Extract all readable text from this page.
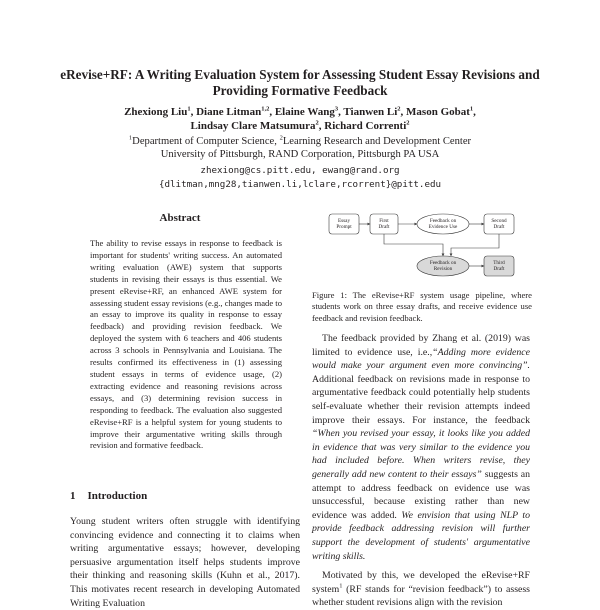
eRevise+RF: A Writing Evaluation System for Assessing Student Essay Revisions and Providing Formative Feedback
Zhexiong Liu$^1$, Diane Litman$^{1,2}$, Elaine Wang$^3$, Tianwen Li$^2$, Mason Gobat$^1$,
Lindsay Clare Matsumura$^2$, Richard Correnti$^2$
$^1$Department of Computer Science, $^2$Learning Research and Development Center
University of Pittsburgh, RAND Corporation, Pittsburgh PA USA
zhexiong@cs.pitt.edu, ewang@rand.org
{dlitman,mng28,tianwen.li,lclare,rcorrent}@pitt.edu
Abstract

The ability to revise essays in response to feedback is important for students' writing success. An automated writing evaluation (AWE) system that supports students in revising their essays is thus essential. We present eRevise+RF, an enhanced AWE system for assessing student essay revisions (e.g., changes made to an essay to improve its quality in response to essay feedback) and providing revision feedback. We deployed the system with 6 teachers and 406 students across 3 schools in Pennsylvania and Louisiana. The results confirmed its effectiveness in (1) assessing student essays in terms of evidence usage, (2) extracting evidence and reasoning revisions across essays, and (3) determining revision success in responding to feedback. The evaluation also suggested eRevise+RF is a helpful system for young students to improve their argumentative writing skills through revision and formative feedback.

1 Introduction

Young student writers often struggle with identifying convincing evidence and connecting it to claims when writing argumentative essays; however, developing persuasive argumentation itself helps students improve their thinking and reasoning skills (Kuhn et al., 2017). This motivates recent research in developing Automated Writing Evaluation

Essay Prompt
First Draft
Feedback on Evidence Use
Second Draft
Feedback on Revision
Third Draft

Figure 1: The eRevise+RF system usage pipeline, where students work on three essay drafts, and receive evidence use feedback and revision feedback.

The feedback provided by Zhang et al. (2019) was limited to evidence use, i.e.,“Adding more evidence would make your argument even more convincing”. Additional feedback on revisions made in response to argumentative feedback could potentially help students self-evaluate whether their revision attempts indeed improve their essays. For instance, the feedback “When you revised your essay, it looks like you added in evidence that was very similar to the evidence you had included before. When writers revise, they generally add new content to their essays” suggests an attempt to address feedback on evidence use was unsuccessful, because existing rather than new evidence was added. We envision that using NLP to provide feedback addressing revision will further support the development of students' argumentative writing skills.

Motivated by this, we developed the eRevise+RF system$^1$ (RF stands for “revision feedback”) to assess whether student revisions align with the revision
